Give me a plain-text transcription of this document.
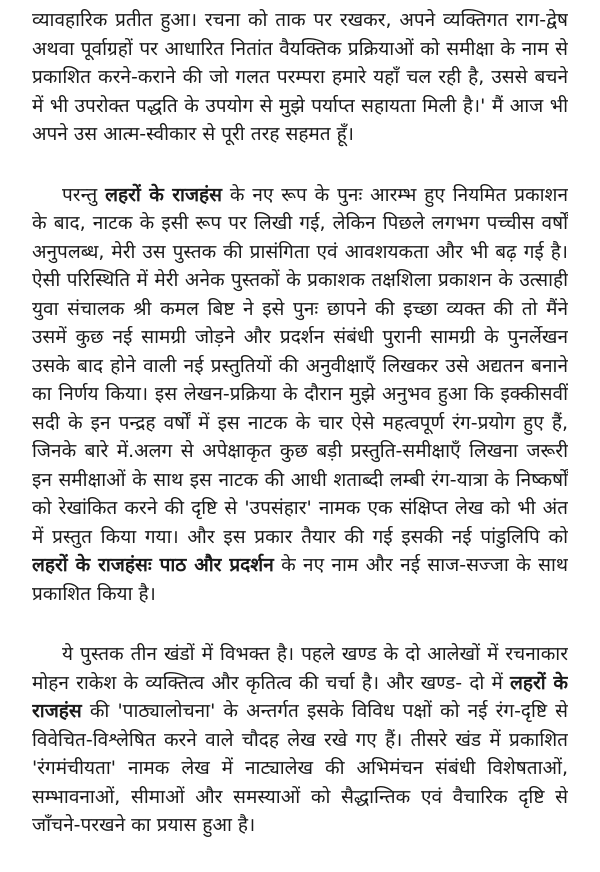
व्यावहारिक प्रतीत हुआ। रचना को ताक पर रखकर, अपने व्यक्तिगत राग-द्वेष
अथवा पूर्वाग्रहों पर आधारित नितांत वैयक्तिक प्रक्रियाओं को समीक्षा के नाम से
प्रकाशित करने-कराने की जो गलत परम्परा हमारे यहाँ चल रही है, उससे बचने
में भी उपरोक्त पद्धति के उपयोग से मुझे पर्याप्त सहायता मिली है।' मैं आज भी
अपने उस आत्म-स्वीकार से पूरी तरह सहमत हूँ।
परन्तु लहरों के राजहंस के नए रूप के पुनः आरम्भ हुए नियमित प्रकाशन
के बाद, नाटक के इसी रूप पर लिखी गई, लेकिन पिछले लगभग पच्चीस वर्षों
अनुपलब्ध, मेरी उस पुस्तक की प्रासंगिता एवं आवशयकता और भी बढ़ गई है।
ऐसी परिस्थिति में मेरी अनेक पुस्तकों के प्रकाशक तक्षशिला प्रकाशन के उत्साही
युवा संचालक श्री कमल बिष्ट ने इसे पुनः छापने की इच्छा व्यक्त की तो मैंने
उसमें कुछ नई सामग्री जोड़ने और प्रदर्शन संबंधी पुरानी सामग्री के पुनर्लेखन
उसके बाद होने वाली नई प्रस्तुतियों की अनुवीक्षाएँ लिखकर उसे अद्यतन बनाने
का निर्णय किया। इस लेखन-प्रक्रिया के दौरान मुझे अनुभव हुआ कि इक्कीसवीं
सदी के इन पन्द्रह वर्षों में इस नाटक के चार ऐसे महत्वपूर्ण रंग-प्रयोग हुए हैं,
जिनके बारे में.अलग से अपेक्षाकृत कुछ बड़ी प्रस्तुति-समीक्षाएँ लिखना जरूरी
इन समीक्षाओं के साथ इस नाटक की आधी शताब्दी लम्बी रंग-यात्रा के निष्कर्षों
को रेखांकित करने की दृष्टि से 'उपसंहार' नामक एक संक्षिप्त लेख को भी अंत
में प्रस्तुत किया गया। और इस प्रकार तैयार की गई इसकी नई पांडुलिपि को
लहरों के राजहंसः पाठ और प्रदर्शन के नए नाम और नई साज-सज्जा के साथ
प्रकाशित किया है।
ये पुस्तक तीन खंडों में विभक्त है। पहले खण्ड के दो आलेखों में रचनाकार
मोहन राकेश के व्यक्तित्व और कृतित्व की चर्चा है। और खण्ड- दो में लहरों के
राजहंस की 'पाठ्यालोचना' के अन्तर्गत इसके विविध पक्षों को नई रंग-दृष्टि से
विवेचित-विश्लेषित करने वाले चौदह लेख रखे गए हैं। तीसरे खंड में प्रकाशित
'रंगमंचीयता' नामक लेख में नाट्यालेख की अभिमंचन संबंधी विशेषताओं,
सम्भावनाओं, सीमाओं और समस्याओं को सैद्धान्तिक एवं वैचारिक दृष्टि से
जाँचने-परखने का प्रयास हुआ है।
